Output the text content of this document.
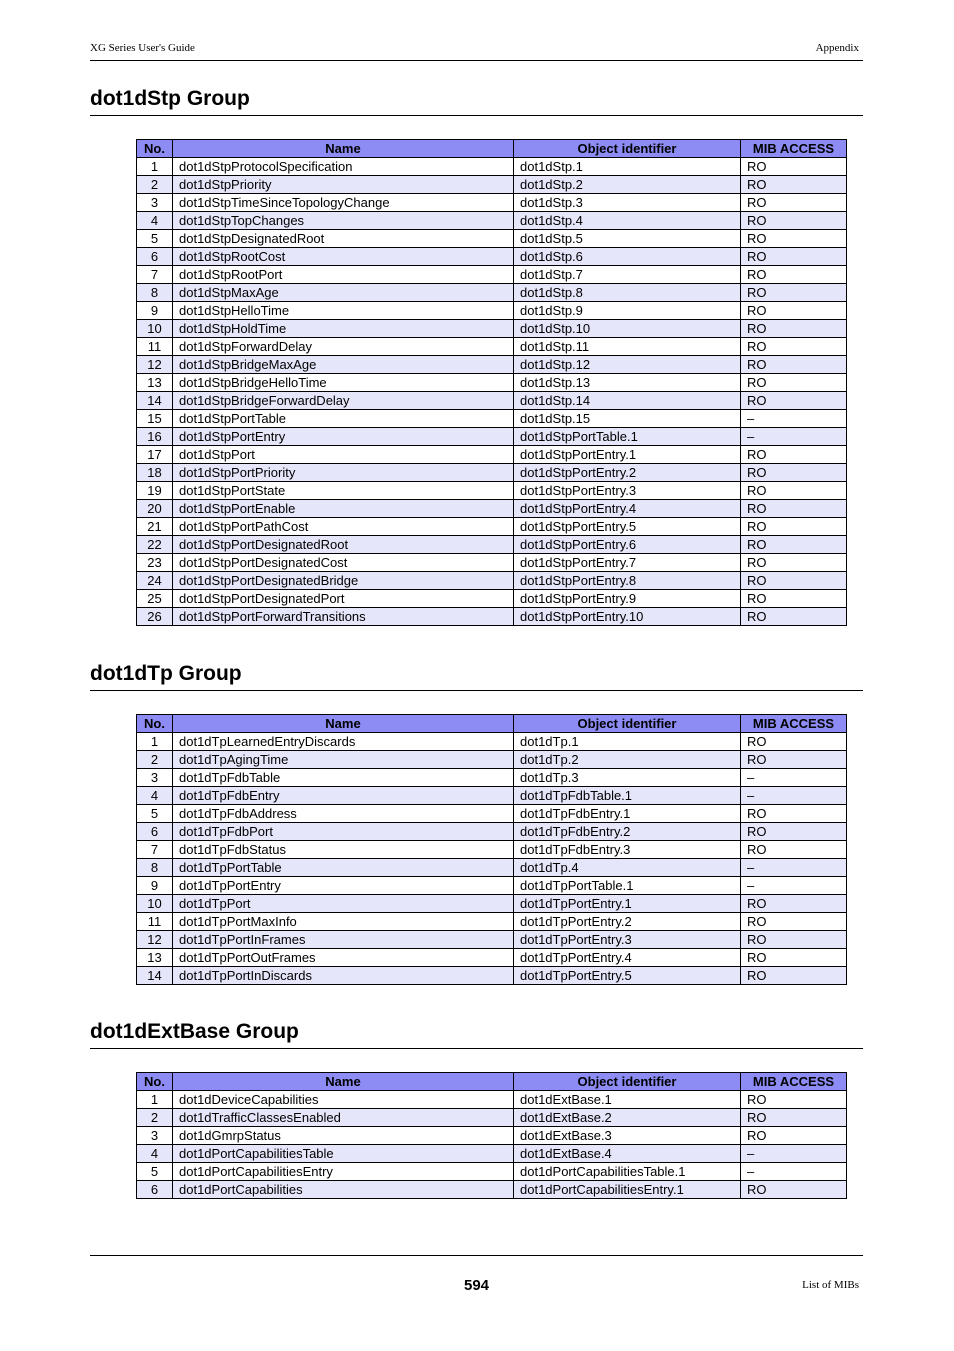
XG Series User's Guide	Appendix
dot1dStp Group
No.	Name	Object identifier	MIB ACCESS
1	dot1dStpProtocolSpecification	dot1dStp.1	RO
2	dot1dStpPriority	dot1dStp.2	RO
3	dot1dStpTimeSinceTopologyChange	dot1dStp.3	RO
4	dot1dStpTopChanges	dot1dStp.4	RO
5	dot1dStpDesignatedRoot	dot1dStp.5	RO
6	dot1dStpRootCost	dot1dStp.6	RO
7	dot1dStpRootPort	dot1dStp.7	RO
8	dot1dStpMaxAge	dot1dStp.8	RO
9	dot1dStpHelloTime	dot1dStp.9	RO
10	dot1dStpHoldTime	dot1dStp.10	RO
11	dot1dStpForwardDelay	dot1dStp.11	RO
12	dot1dStpBridgeMaxAge	dot1dStp.12	RO
13	dot1dStpBridgeHelloTime	dot1dStp.13	RO
14	dot1dStpBridgeForwardDelay	dot1dStp.14	RO
15	dot1dStpPortTable	dot1dStp.15	–
16	dot1dStpPortEntry	dot1dStpPortTable.1	–
17	dot1dStpPort	dot1dStpPortEntry.1	RO
18	dot1dStpPortPriority	dot1dStpPortEntry.2	RO
19	dot1dStpPortState	dot1dStpPortEntry.3	RO
20	dot1dStpPortEnable	dot1dStpPortEntry.4	RO
21	dot1dStpPortPathCost	dot1dStpPortEntry.5	RO
22	dot1dStpPortDesignatedRoot	dot1dStpPortEntry.6	RO
23	dot1dStpPortDesignatedCost	dot1dStpPortEntry.7	RO
24	dot1dStpPortDesignatedBridge	dot1dStpPortEntry.8	RO
25	dot1dStpPortDesignatedPort	dot1dStpPortEntry.9	RO
26	dot1dStpPortForwardTransitions	dot1dStpPortEntry.10	RO
dot1dTp Group
No.	Name	Object identifier	MIB ACCESS
1	dot1dTpLearnedEntryDiscards	dot1dTp.1	RO
2	dot1dTpAgingTime	dot1dTp.2	RO
3	dot1dTpFdbTable	dot1dTp.3	–
4	dot1dTpFdbEntry	dot1dTpFdbTable.1	–
5	dot1dTpFdbAddress	dot1dTpFdbEntry.1	RO
6	dot1dTpFdbPort	dot1dTpFdbEntry.2	RO
7	dot1dTpFdbStatus	dot1dTpFdbEntry.3	RO
8	dot1dTpPortTable	dot1dTp.4	–
9	dot1dTpPortEntry	dot1dTpPortTable.1	–
10	dot1dTpPort	dot1dTpPortEntry.1	RO
11	dot1dTpPortMaxInfo	dot1dTpPortEntry.2	RO
12	dot1dTpPortInFrames	dot1dTpPortEntry.3	RO
13	dot1dTpPortOutFrames	dot1dTpPortEntry.4	RO
14	dot1dTpPortInDiscards	dot1dTpPortEntry.5	RO
dot1dExtBase Group
No.	Name	Object identifier	MIB ACCESS
1	dot1dDeviceCapabilities	dot1dExtBase.1	RO
2	dot1dTrafficClassesEnabled	dot1dExtBase.2	RO
3	dot1dGmrpStatus	dot1dExtBase.3	RO
4	dot1dPortCapabilitiesTable	dot1dExtBase.4	–
5	dot1dPortCapabilitiesEntry	dot1dPortCapabilitiesTable.1	–
6	dot1dPortCapabilities	dot1dPortCapabilitiesEntry.1	RO
594	List of MIBs
